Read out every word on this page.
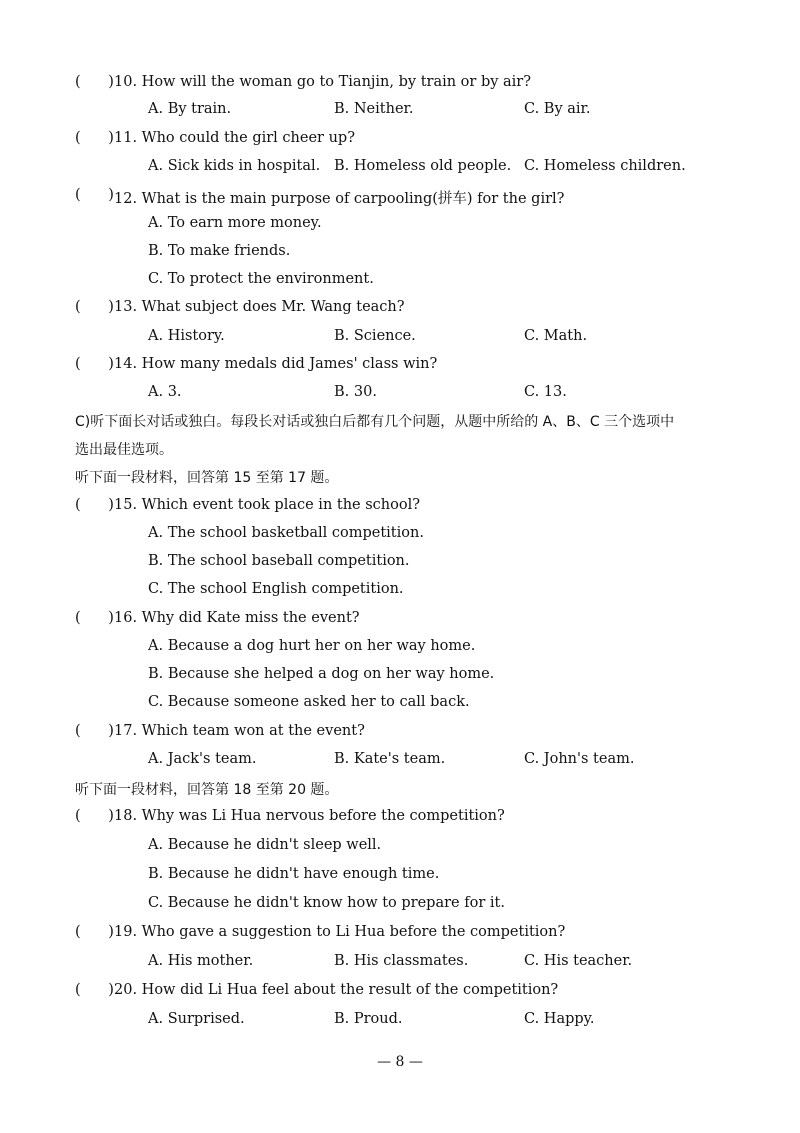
(      ) 10. How will the woman go to Tianjin, by train or by air?
A. By train.	B. Neither.	C. By air.
(      ) 11. Who could the girl cheer up?
A. Sick kids in hospital. B. Homeless old people. C. Homeless children.
(      ) 12. What is the main purpose of carpooling(拼车) for the girl?
A. To earn more money.
B. To make friends.
C. To protect the environment.
(      ) 13. What subject does Mr. Wang teach?
A. History.	B. Science.	C. Math.
(      ) 14. How many medals did James' class win?
A. 3.	B. 30.	C. 13.
C)听下面长对话或独白。每段长对话或独白后都有几个问题，从题中所给的 A、B、C 三个选项中
选出最佳选项。
听下面一段材料，回答第 15 至第 17 题。
(      ) 15. Which event took place in the school?
A. The school basketball competition.
B. The school baseball competition.
C. The school English competition.
(      ) 16. Why did Kate miss the event?
A. Because a dog hurt her on her way home.
B. Because she helped a dog on her way home.
C. Because someone asked her to call back.
(      ) 17. Which team won at the event?
A. Jack's team.	B. Kate's team.	C. John's team.
听下面一段材料，回答第 18 至第 20 题。
(      ) 18. Why was Li Hua nervous before the competition?
A. Because he didn't sleep well.
B. Because he didn't have enough time.
C. Because he didn't know how to prepare for it.
(      ) 19. Who gave a suggestion to Li Hua before the competition?
A. His mother.	B. His classmates.	C. His teacher.
(      ) 20. How did Li Hua feel about the result of the competition?
A. Surprised.	B. Proud.	C. Happy.
— 8 —
